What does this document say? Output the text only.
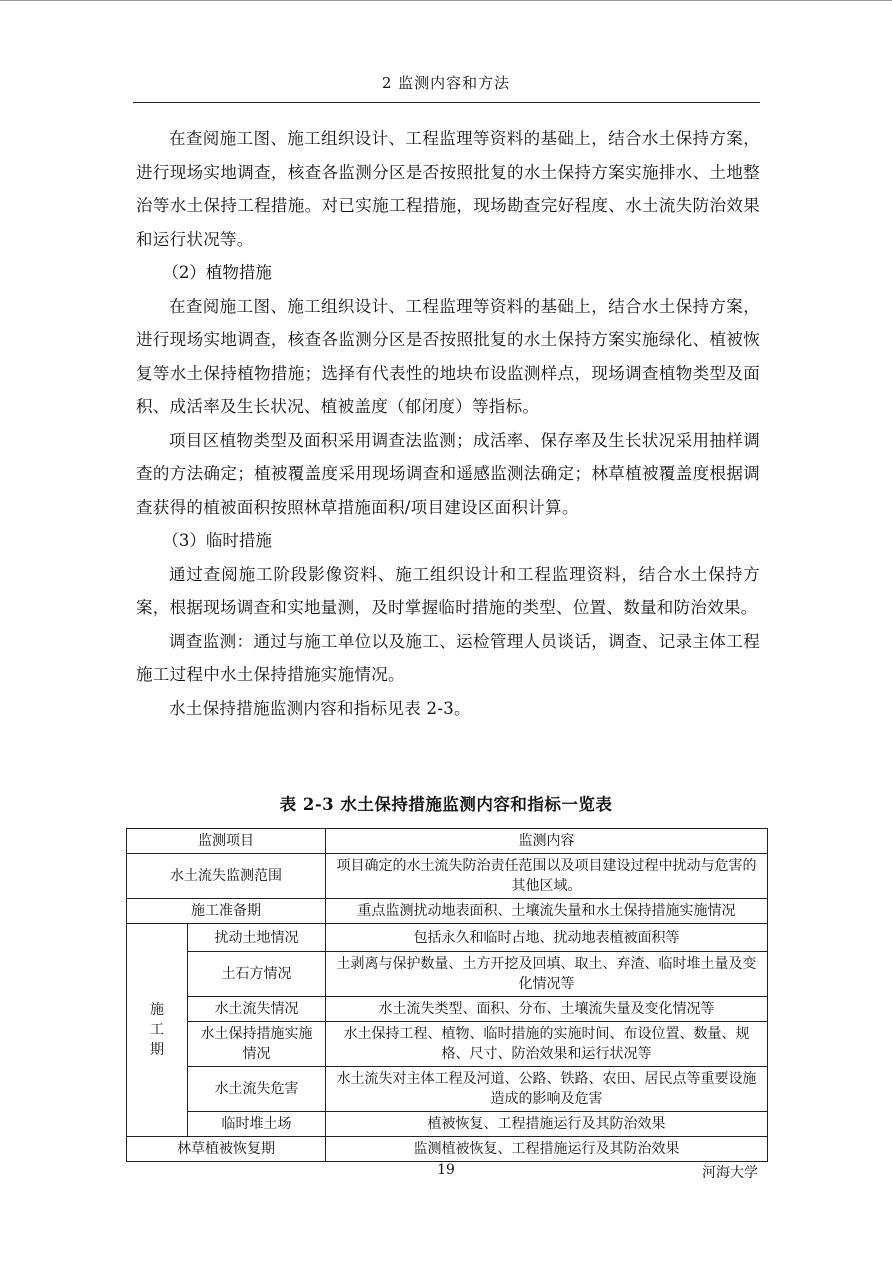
2 监测内容和方法

在查阅施工图、施工组织设计、工程监理等资料的基础上，结合水土保持方案，进行现场实地调查，核查各监测分区是否按照批复的水土保持方案实施排水、土地整治等水土保持工程措施。对已实施工程措施，现场勘查完好程度、水土流失防治效果和运行状况等。

（2）植物措施

在查阅施工图、施工组织设计、工程监理等资料的基础上，结合水土保持方案，进行现场实地调查，核查各监测分区是否按照批复的水土保持方案实施绿化、植被恢复等水土保持植物措施；选择有代表性的地块布设监测样点，现场调查植物类型及面积、成活率及生长状况、植被盖度（郁闭度）等指标。

项目区植物类型及面积采用调查法监测；成活率、保存率及生长状况采用抽样调查的方法确定；植被覆盖度采用现场调查和遥感监测法确定；林草植被覆盖度根据调查获得的植被面积按照林草措施面积/项目建设区面积计算。

（3）临时措施

通过查阅施工阶段影像资料、施工组织设计和工程监理资料，结合水土保持方案，根据现场调查和实地量测，及时掌握临时措施的类型、位置、数量和防治效果。

调查监测：通过与施工单位以及施工、运检管理人员谈话，调查、记录主体工程施工过程中水土保持措施实施情况。

水土保持措施监测内容和指标见表 2-3。

表 2-3 水土保持措施监测内容和指标一览表
监测项目		监测内容
水土流失监测范围		项目确定的水土流失防治责任范围以及项目建设过程中扰动与危害的其他区域。
施工准备期		重点监测扰动地表面积、土壤流失量和水土保持措施实施情况

施
工
期	扰动土地情况	包括永久和临时占地、扰动地表植被面积等
	土石方情况	土剥离与保护数量、土方开挖及回填、取土、弃渣、临时堆土量及变化情况等
	水土流失情况	水土流失类型、面积、分布、土壤流失量及变化情况等
	水土保持措施实施情况	水土保持工程、植物、临时措施的实施时间、布设位置、数量、规格、尺寸、防治效果和运行状况等
	水土流失危害	水土流失对主体工程及河道、公路、铁路、农田、居民点等重要设施造成的影响及危害
	临时堆土场	植被恢复、工程措施运行及其防治效果
林草植被恢复期		监测植被恢复、工程措施运行及其防治效果
19	河海大学
